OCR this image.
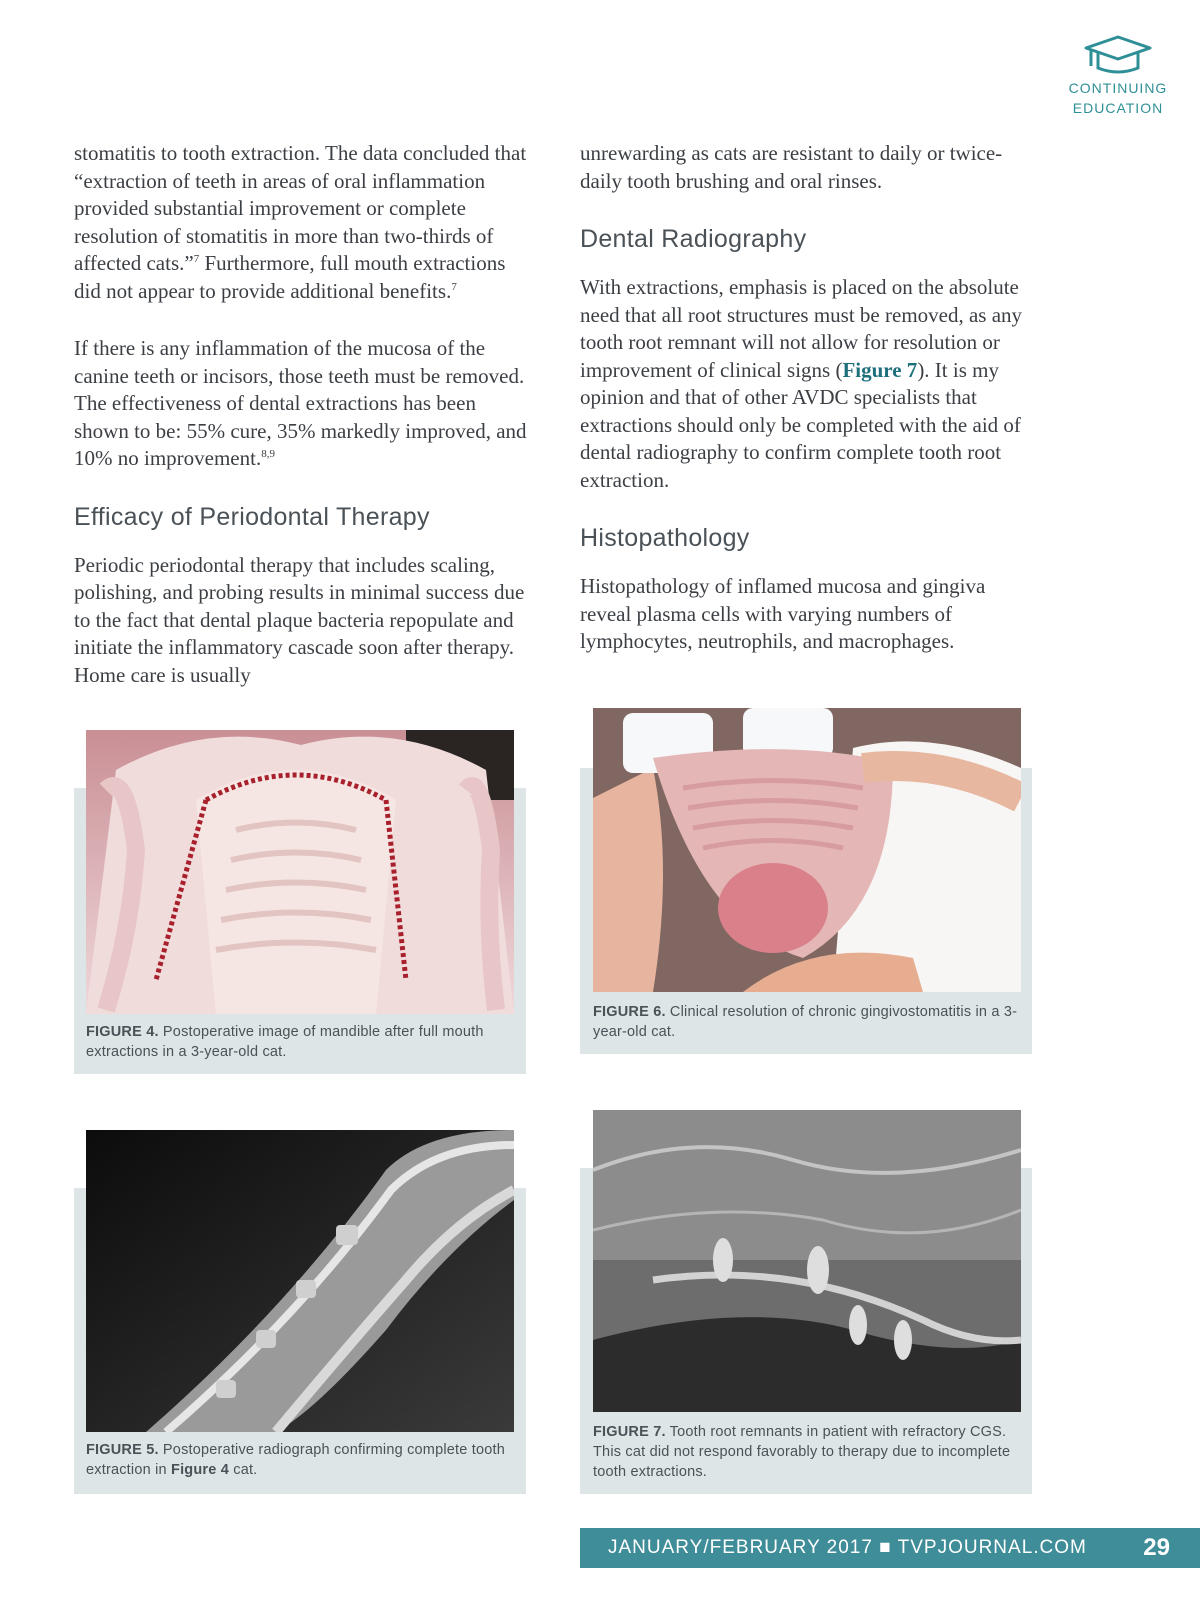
CONTINUING
EDUCATION

stomatitis to tooth extraction. The data concluded that “extraction of teeth in areas of oral inflammation provided substantial improvement or complete resolution of stomatitis in more than two-thirds of affected cats.”$^7$ Furthermore, full mouth extractions did not appear to provide additional benefits.$^7$

If there is any inflammation of the mucosa of the canine teeth or incisors, those teeth must be removed. The effectiveness of dental extractions has been shown to be: 55% cure, 35% markedly improved, and 10% no improvement.$^{8,9}$

Efficacy of Periodontal Therapy

Periodic periodontal therapy that includes scaling, polishing, and probing results in minimal success due to the fact that dental plaque bacteria repopulate and initiate the inflammatory cascade soon after therapy. Home care is usually

unrewarding as cats are resistant to daily or twice-daily tooth brushing and oral rinses.

Dental Radiography

With extractions, emphasis is placed on the absolute need that all root structures must be removed, as any tooth root remnant will not allow for resolution or improvement of clinical signs (Figure 7). It is my opinion and that of other AVDC specialists that extractions should only be completed with the aid of dental radiography to confirm complete tooth root extraction.

Histopathology

Histopathology of inflamed mucosa and gingiva reveal plasma cells with varying numbers of lymphocytes, neutrophils, and macrophages.

FIGURE 4. Postoperative image of mandible after full mouth extractions in a 3-year-old cat.
FIGURE 6. Clinical resolution of chronic gingivostomatitis in a 3-year-old cat.
FIGURE 5. Postoperative radiograph confirming complete tooth extraction in Figure 4 cat.
FIGURE 7. Tooth root remnants in patient with refractory CGS. This cat did not respond favorably to therapy due to incomplete tooth extractions.
JANUARY/FEBRUARY 2017 ■ TVPJOURNAL.COM 29
